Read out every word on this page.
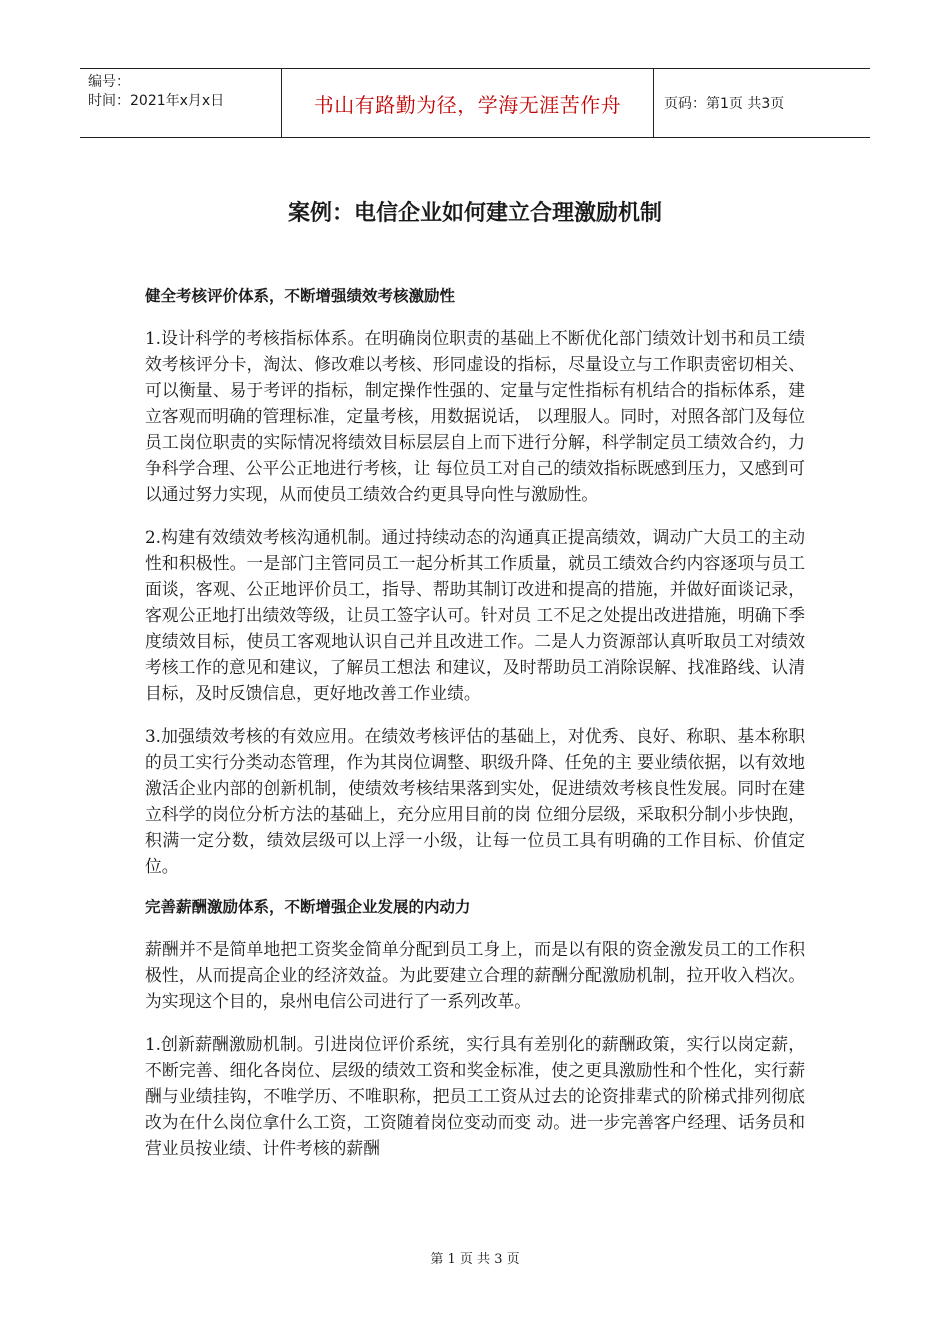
编号：
时间：2021年x月x日	书山有路勤为径，学海无涯苦作舟	页码：第1页 共3页
案例：电信企业如何建立合理激励机制
健全考核评价体系，不断增强绩效考核激励性

1.设计科学的考核指标体系。在明确岗位职责的基础上不断优化部门绩效计划书和员工绩效考核评分卡，淘汰、修改难以考核、形同虚设的指标，尽量设立与工作职责密切相关、可以衡量、易于考评的指标，制定操作性强的、定量与定性指标有机结合的指标体系，建立客观而明确的管理标准，定量考核，用数据说话， 以理服人。同时，对照各部门及每位员工岗位职责的实际情况将绩效目标层层自上而下进行分解，科学制定员工绩效合约，力争科学合理、公平公正地进行考核，让 每位员工对自己的绩效指标既感到压力，又感到可以通过努力实现，从而使员工绩效合约更具导向性与激励性。

2.构建有效绩效考核沟通机制。通过持续动态的沟通真正提高绩效，调动广大员工的主动性和积极性。一是部门主管同员工一起分析其工作质量，就员工绩效合约内容逐项与员工面谈，客观、公正地评价员工，指导、帮助其制订改进和提高的措施，并做好面谈记录，客观公正地打出绩效等级，让员工签字认可。针对员 工不足之处提出改进措施，明确下季度绩效目标，使员工客观地认识自己并且改进工作。二是人力资源部认真听取员工对绩效考核工作的意见和建议，了解员工想法 和建议，及时帮助员工消除误解、找准路线、认清目标，及时反馈信息，更好地改善工作业绩。

3.加强绩效考核的有效应用。在绩效考核评估的基础上，对优秀、良好、称职、基本称职的员工实行分类动态管理，作为其岗位调整、职级升降、任免的主 要业绩依据，以有效地激活企业内部的创新机制，使绩效考核结果落到实处，促进绩效考核良性发展。同时在建立科学的岗位分析方法的基础上，充分应用目前的岗 位细分层级，采取积分制小步快跑，积满一定分数，绩效层级可以上浮一小级，让每一位员工具有明确的工作目标、价值定位。

完善薪酬激励体系，不断增强企业发展的内动力

薪酬并不是简单地把工资奖金简单分配到员工身上，而是以有限的资金激发员工的工作积极性，从而提高企业的经济效益。为此要建立合理的薪酬分配激励机制，拉开收入档次。为实现这个目的，泉州电信公司进行了一系列改革。

1.创新薪酬激励机制。引进岗位评价系统，实行具有差别化的薪酬政策，实行以岗定薪，不断完善、细化各岗位、层级的绩效工资和奖金标准，使之更具激励性和个性化，实行薪酬与业绩挂钩，不唯学历、不唯职称，把员工工资从过去的论资排辈式的阶梯式排列彻底改为在什么岗位拿什么工资，工资随着岗位变动而变 动。进一步完善客户经理、话务员和营业员按业绩、计件考核的薪酬

第 1 页 共 3 页
